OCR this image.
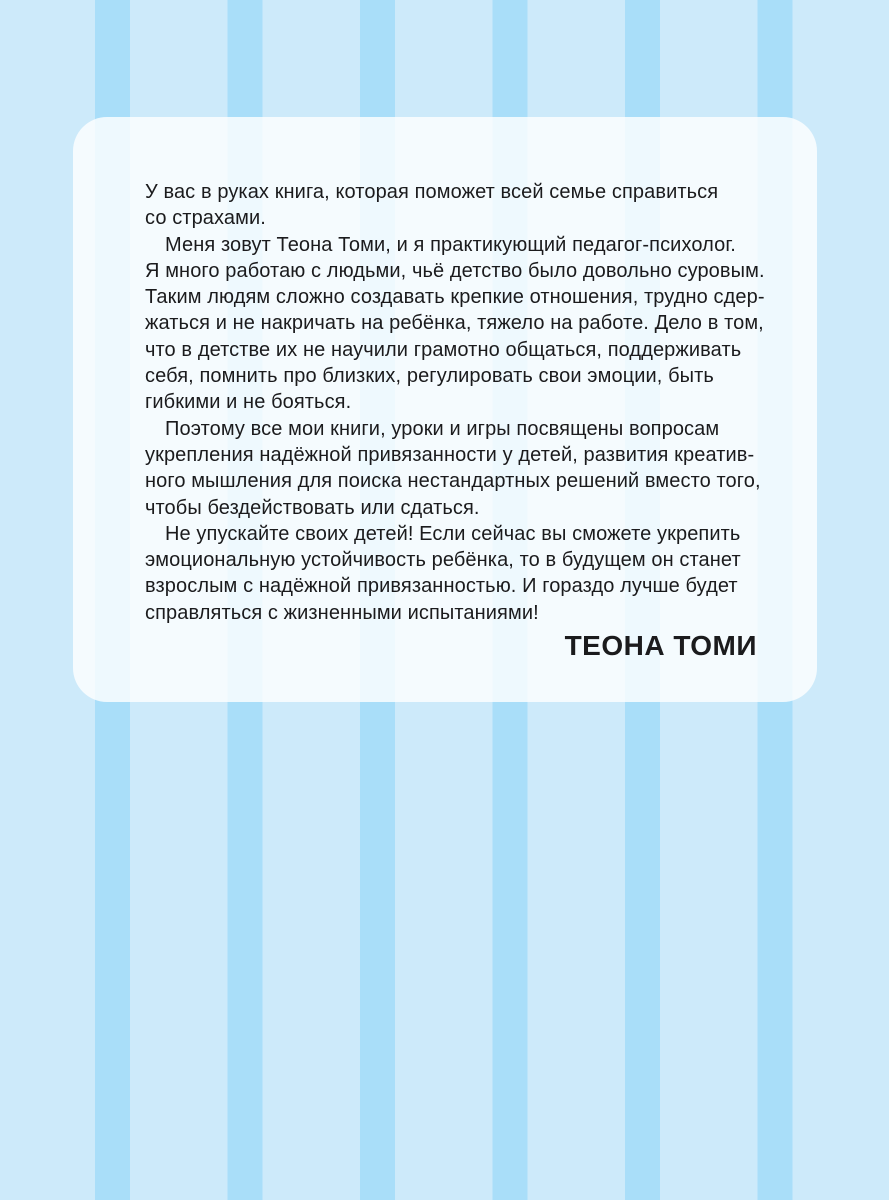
У вас в руках книга, которая поможет всей семье справиться
со страхами.
Меня зовут Теона Томи, и я практикующий педагог-психолог.
Я много работаю с людьми, чьё детство было довольно суровым.
Таким людям сложно создавать крепкие отношения, трудно сдер-
жаться и не накричать на ребёнка, тяжело на работе. Дело в том,
что в детстве их не научили грамотно общаться, поддерживать
себя, помнить про близких, регулировать свои эмоции, быть
гибкими и не бояться.
Поэтому все мои книги, уроки и игры посвящены вопросам
укрепления надёжной привязанности у детей, развития креатив-
ного мышления для поиска нестандартных решений вместо того,
чтобы бездействовать или сдаться.
Не упускайте своих детей! Если сейчас вы сможете укрепить
эмоциональную устойчивость ребёнка, то в будущем он станет
взрослым с надёжной привязанностью. И гораздо лучше будет
справляться с жизненными испытаниями!
ТЕОНА ТОМИ
